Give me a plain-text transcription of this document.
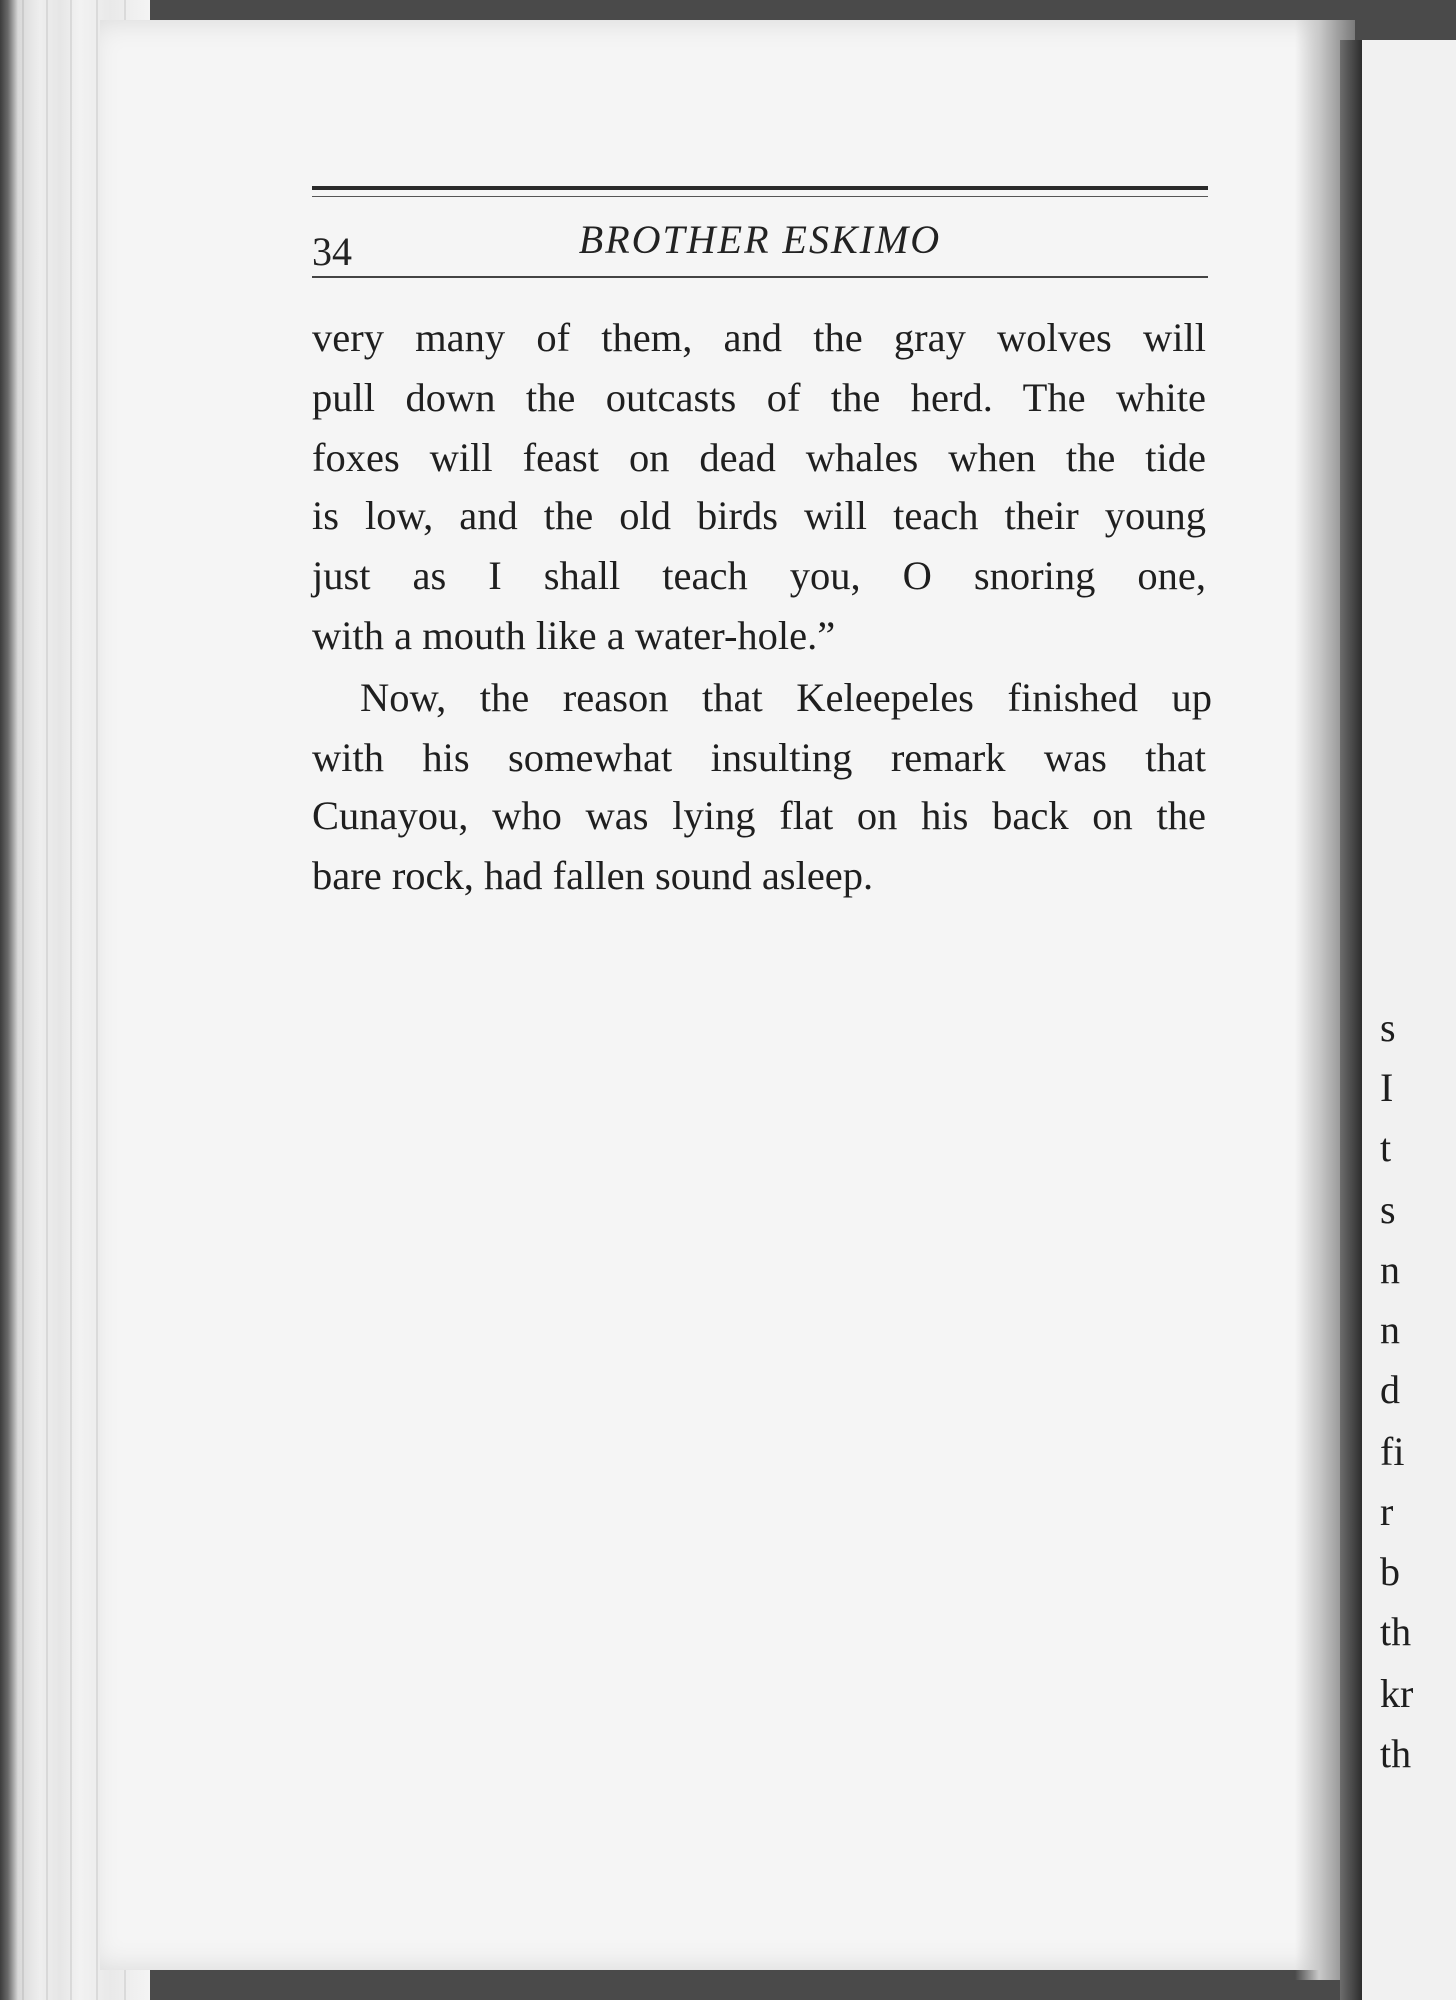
s
I
t
s
n
n
d
fi
r
b
th
kr
th
34	BROTHER ESKIMO
very many of them, and the gray wolves will
pull down the outcasts of the herd. The white
foxes will feast on dead whales when the tide
is low, and the old birds will teach their young
just as I shall teach you, O snoring one,
with a mouth like a water-hole.”
Now, the reason that Keleepeles finished up
with his somewhat insulting remark was that
Cunayou, who was lying flat on his back on the
bare rock, had fallen sound asleep.
